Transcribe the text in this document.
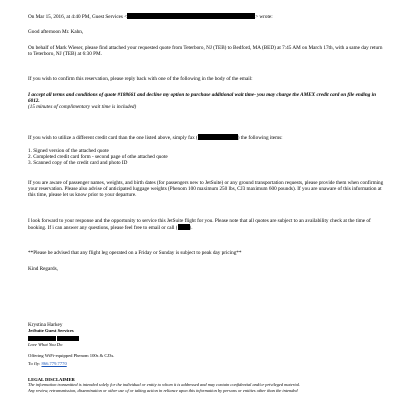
On Mar 15, 2016, at 4:40 PM, Guest Services <	> wrote:

Good afternoon Mr. Kahn,

On behalf of Mark Wieser, please find attached your requested quote from Teterboro, NJ (TEB) to Bedford, MA (BED) at 7:45 AM on March 17th, with a same day return to Teterboro, NJ (TEB) at 6:30 PM.

If you wish to confirm this reservation, please reply back with one of the following in the body of the email:

I accept all terms and conditions of quote #188661 and decline my option to purchase additional wait time- you may charge the AMEX credit card on file ending in 6012.

(15 minutes of complimentary wait time is included)

If you wish to utilize a different credit card than the one listed above, simply fax (	) the following items:

1. Signed version of the attached quote

2. Completed credit card form - second page of othe attached quote

3. Scanned copy of the credit card and photo ID

If you are aware of passenger names, weights, and birth dates (for passengers new to JetSuite) or any ground transportation requests, please provide them when confirming your reservation. Please also advise of anticipated luggage weights (Phenom 100 maximum 250 lbs, CJ3 maximum 600 pounds). If you are unaware of this information at this time, please let us know prior to your departure.

I look forward to your response and the opportunity to service this JetSuite flight for you. Please note that all quotes are subject to an availability check at the time of booking. If i can answer any questions, please feel free to email or call ( ).

**Please be advised that any flight leg operated on a Friday or Sunday is subject to peak day pricing**

Kind Regards,

Krystina Harkey

JetSuite Guest Services

Love What You Do

Offering WiFi-equipped Phenom 100s & CJ3s.

To fly: 866.779.7770

LEGAL DISCLAIMER

The information transmitted is intended solely for the individual or entity to whom it is addressed and may contain confidential and/or privileged material.

Any review, retransmission, dissemination or other use of or taking action in reliance upon this information by persons or entities other than the intended
